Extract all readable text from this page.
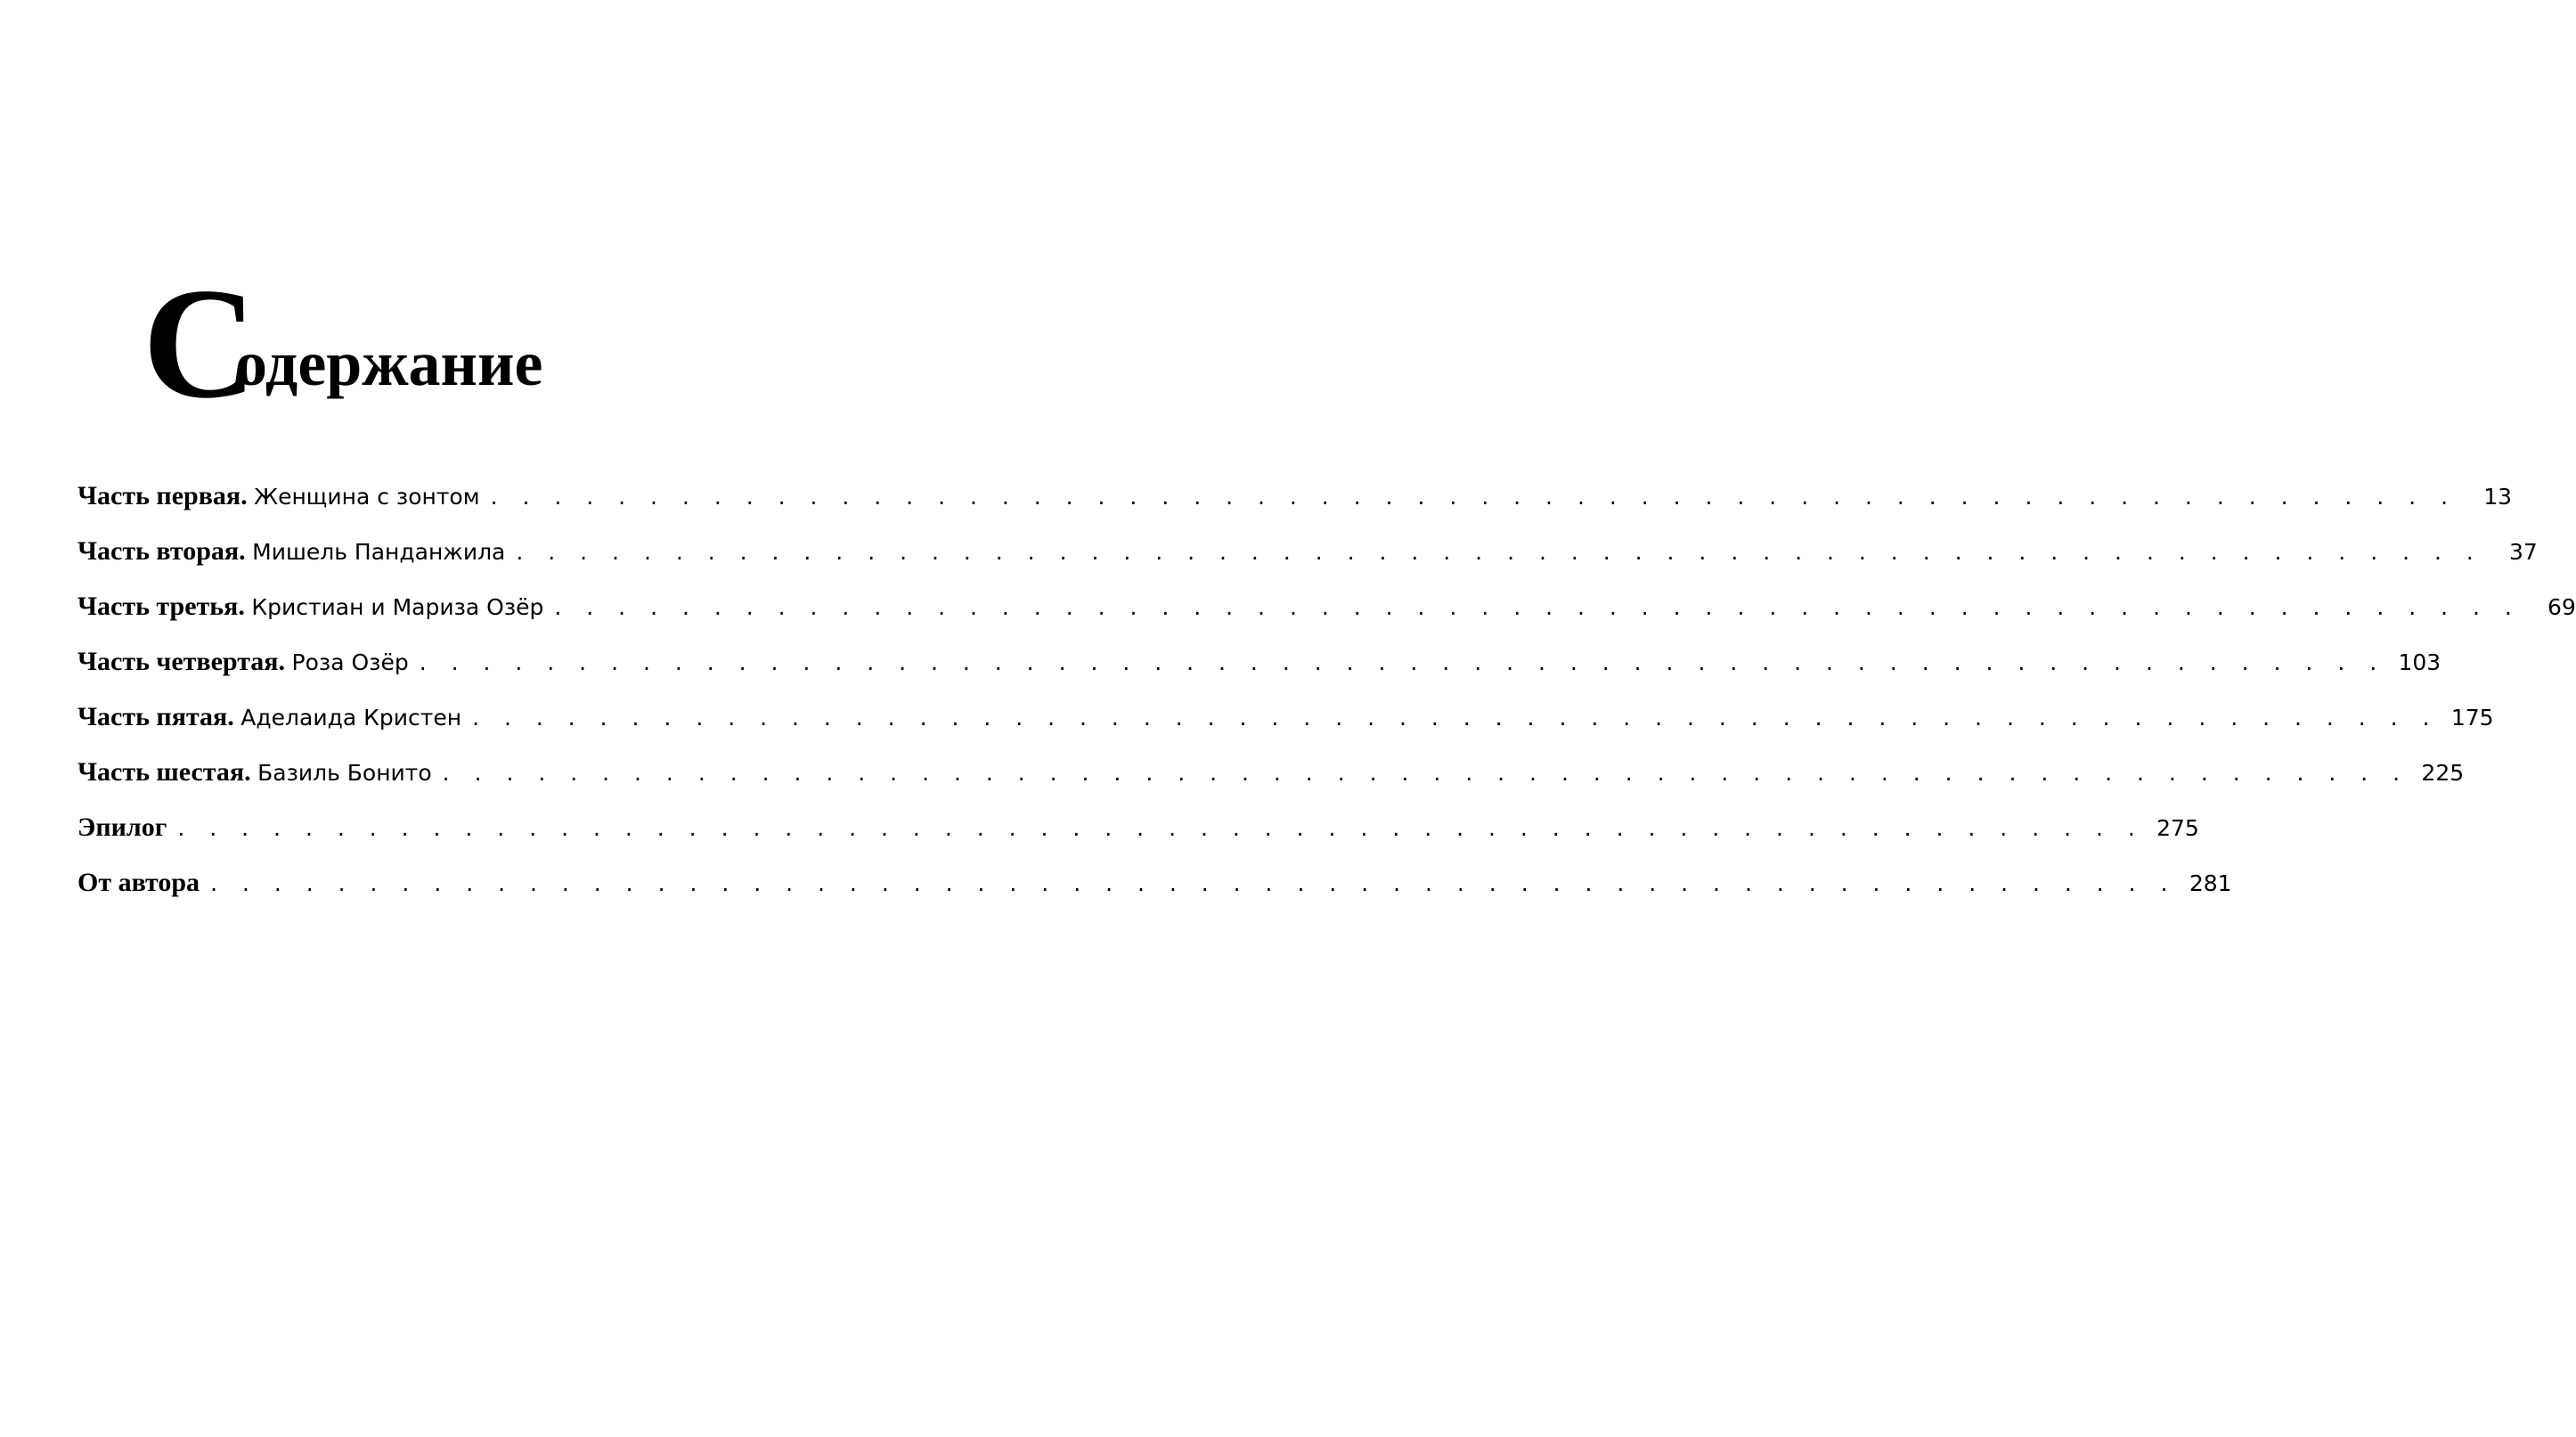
С
одержание
Часть первая. Женщина с зонтом . . .	13
Часть вторая. Мишель Панданжила . . .	37
Часть третья. Кристиан и Мариза Озёр . . .	69
Часть четвертая. Роза Озёр . . .	103
Часть пятая. Аделаида Кристен . . .	175
Часть шестая. Базиль Бонито . . .	225
Эпилог . . .	275
От автора . . .	281
